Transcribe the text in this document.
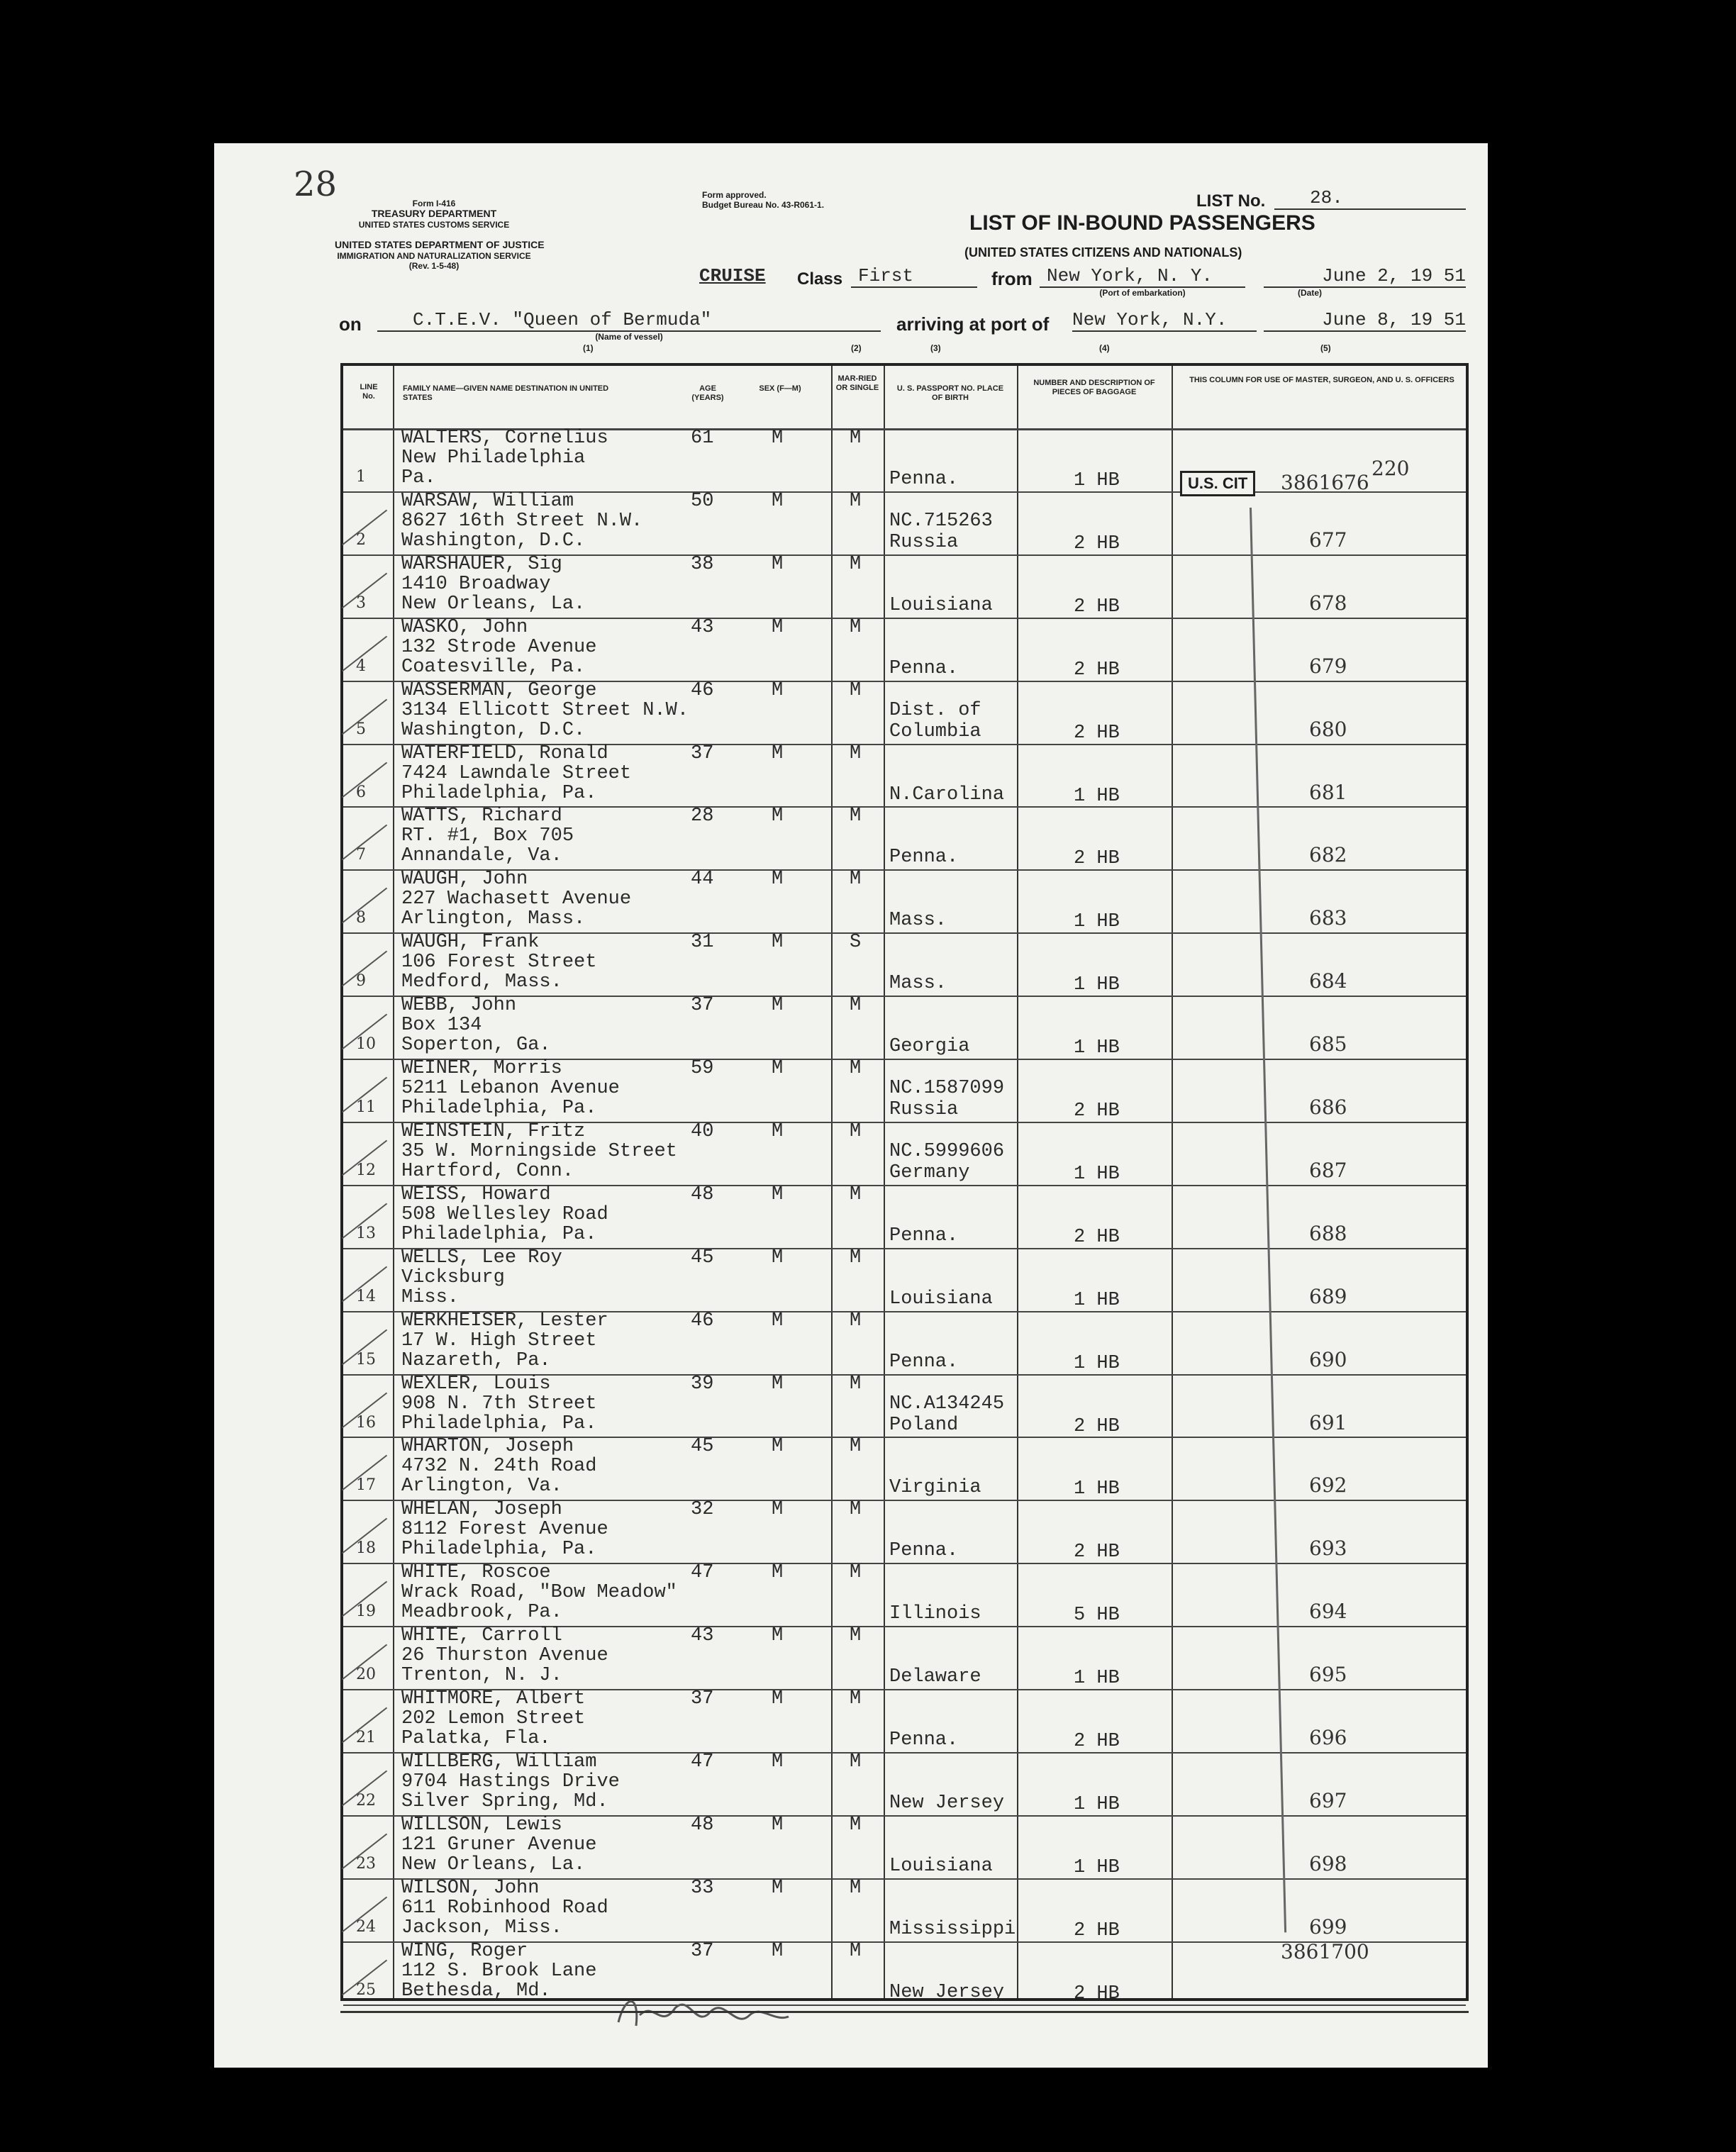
28	Form I-416
TREASURY DEPARTMENT
UNITED STATES CUSTOMS SERVICE
UNITED STATES DEPARTMENT OF JUSTICE
IMMIGRATION AND NATURALIZATION SERVICE
(Rev. 1-5-48)
Form approved.
Budget Bureau No. 43-R061-1.	LIST No.	28.
LIST OF IN-BOUND PASSENGERS
(UNITED STATES CITIZENS AND NATIONALS)
CRUISE Class First	from New York, N. Y.
(Port of embarkation)
June 2, 19 51
(Date)
on	C.T.E.V. "Queen of Bermuda"
(Name of vessel)
arriving at port of New York, N.Y.	June 8, 19 51
(1)	(2)	(3)	(4)	(5)
LINE No.
FAMILY NAME—GIVEN NAME DESTINATION IN UNITED STATES
AGE (YEARS)
SEX (F—M)
MAR-RIED OR SINGLE	U. S. PASSPORT NO. PLACE OF BIRTH
NUMBER AND DESCRIPTION OF PIECES OF BAGGAGE
THIS COLUMN FOR USE OF MASTER, SURGEON, AND U. S. OFFICERS
1
WALTERS, Cornelius
New Philadelphia
Pa.
61	M	M
Penna.	1 HB
2
WARSAW, William
8627 16th Street N.W.
Washington, D.C.
50	M	M
NC.715263
Russia	2 HB	677
3
WARSHAUER, Sig
1410 Broadway
New Orleans, La.
38	M	M
Louisiana	2 HB	678
4
WASKO, John
132 Strode Avenue
Coatesville, Pa.
43	M	M
Penna.	2 HB	679
5
WASSERMAN, George
3134 Ellicott Street N.W.
Washington, D.C.
46	M	M
Dist. of
Columbia	2 HB	680
6
WATERFIELD, Ronald
7424 Lawndale Street
Philadelphia, Pa.
37	M	M
N.Carolina	1 HB	681
7
WATTS, Richard
RT. #1, Box 705
Annandale, Va.
28	M	M
Penna.	2 HB	682
8
WAUGH, John
227 Wachasett Avenue
Arlington, Mass.
44	M	M
Mass.	1 HB	683
9
WAUGH, Frank
106 Forest Street
Medford, Mass.
31	M	S
Mass.	1 HB	684
10
WEBB, John
Box 134
Soperton, Ga.
37	M	M
Georgia	1 HB	685
11
WEINER, Morris
5211 Lebanon Avenue
Philadelphia, Pa.
59	M	M
NC.1587099
Russia	2 HB	686
12
WEINSTEIN, Fritz
35 W. Morningside Street
Hartford, Conn.
40	M	M
NC.5999606
Germany	1 HB	687
13
WEISS, Howard
508 Wellesley Road
Philadelphia, Pa.
48	M	M
Penna.	2 HB	688
14
WELLS, Lee Roy
Vicksburg
Miss.
45	M	M
Louisiana	1 HB	689
15
WERKHEISER, Lester
17 W. High Street
Nazareth, Pa.
46	M	M
Penna.	1 HB	690
16
WEXLER, Louis
908 N. 7th Street
Philadelphia, Pa.
39	M	M
NC.A134245
Poland	2 HB	691
17
WHARTON, Joseph
4732 N. 24th Road
Arlington, Va.
45	M	M
Virginia	1 HB	692
18
WHELAN, Joseph
8112 Forest Avenue
Philadelphia, Pa.
32	M	M
Penna.	2 HB	693
19
WHITE, Roscoe
Wrack Road, "Bow Meadow"
Meadbrook, Pa.
47	M	M
Illinois	5 HB	694
20
WHITE, Carroll
26 Thurston Avenue
Trenton, N. J.
43	M	M
Delaware	1 HB	695
21
WHITMORE, Albert
202 Lemon Street
Palatka, Fla.
37	M	M
Penna.	2 HB	696
22
WILLBERG, William
9704 Hastings Drive
Silver Spring, Md.
47	M	M
New Jersey	1 HB	697
23
WILLSON, Lewis
121 Gruner Avenue
New Orleans, La.
48	M	M
Louisiana	1 HB	698
24
WILSON, John
611 Robinhood Road
Jackson, Miss.
33	M	M
Mississippi	2 HB	699
25
WING, Roger
112 S. Brook Lane
Bethesda, Md.
37	M	M
New Jersey	2 HB
U.S. CIT	3861676
220
3861700
